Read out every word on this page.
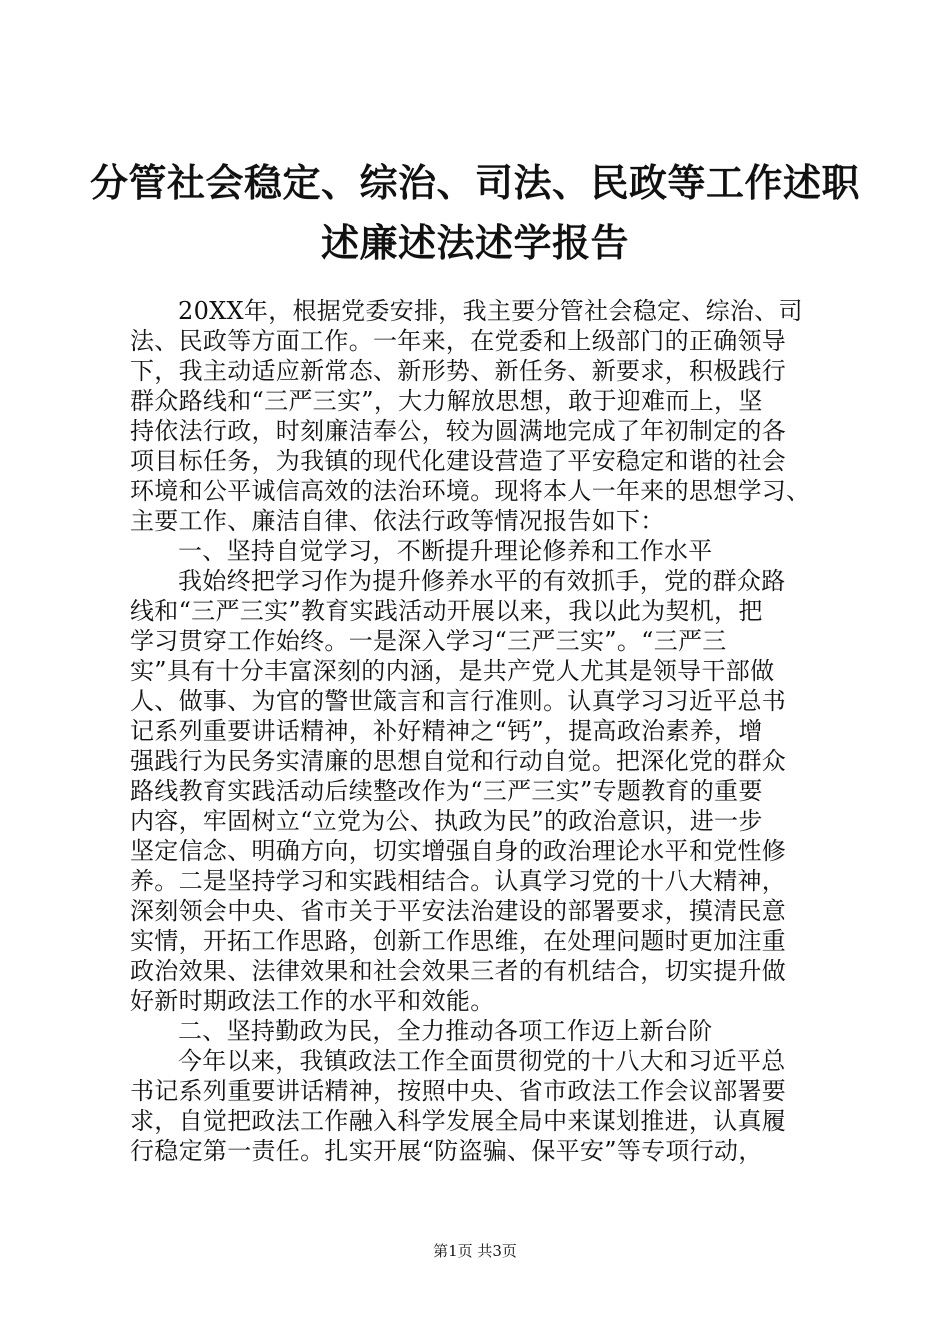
分管社会稳定、综治、司法、民政等工作述职
述廉述法述学报告
20XX年，根据党委安排，我主要分管社会稳定、综治、司
法、民政等方面工作。一年来，在党委和上级部门的正确领导
下，我主动适应新常态、新形势、新任务、新要求，积极践行
群众路线和“三严三实”，大力解放思想，敢于迎难而上，坚
持依法行政，时刻廉洁奉公，较为圆满地完成了年初制定的各
项目标任务，为我镇的现代化建设营造了平安稳定和谐的社会
环境和公平诚信高效的法治环境。现将本人一年来的思想学习、
主要工作、廉洁自律、依法行政等情况报告如下：
一、坚持自觉学习，不断提升理论修养和工作水平
我始终把学习作为提升修养水平的有效抓手，党的群众路
线和“三严三实”教育实践活动开展以来，我以此为契机，把
学习贯穿工作始终。一是深入学习“三严三实”。“三严三
实”具有十分丰富深刻的内涵，是共产党人尤其是领导干部做
人、做事、为官的警世箴言和言行准则。认真学习习近平总书
记系列重要讲话精神，补好精神之“钙”，提高政治素养，增
强践行为民务实清廉的思想自觉和行动自觉。把深化党的群众
路线教育实践活动后续整改作为“三严三实”专题教育的重要
内容，牢固树立“立党为公、执政为民”的政治意识，进一步
坚定信念、明确方向，切实增强自身的政治理论水平和党性修
养。二是坚持学习和实践相结合。认真学习党的十八大精神，
深刻领会中央、省市关于平安法治建设的部署要求，摸清民意
实情，开拓工作思路，创新工作思维，在处理问题时更加注重
政治效果、法律效果和社会效果三者的有机结合，切实提升做
好新时期政法工作的水平和效能。
二、坚持勤政为民，全力推动各项工作迈上新台阶
今年以来，我镇政法工作全面贯彻党的十八大和习近平总
书记系列重要讲话精神，按照中央、省市政法工作会议部署要
求，自觉把政法工作融入科学发展全局中来谋划推进，认真履
行稳定第一责任。扎实开展“防盗骗、保平安”等专项行动，
第1页 共3页
